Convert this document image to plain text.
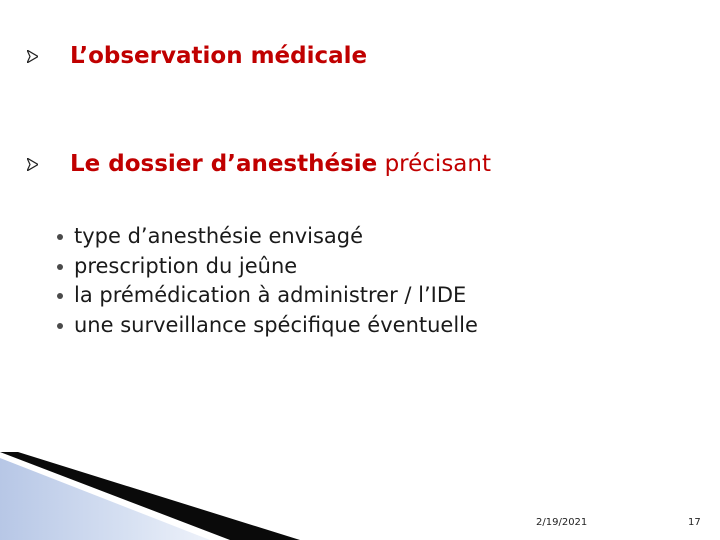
L’observation médicale
Le dossier d’anesthésie précisant
type d’anesthésie envisagé
prescription du jeûne
la prémédication à administrer / l’IDE
une surveillance spécifique éventuelle
2/19/2021	17
